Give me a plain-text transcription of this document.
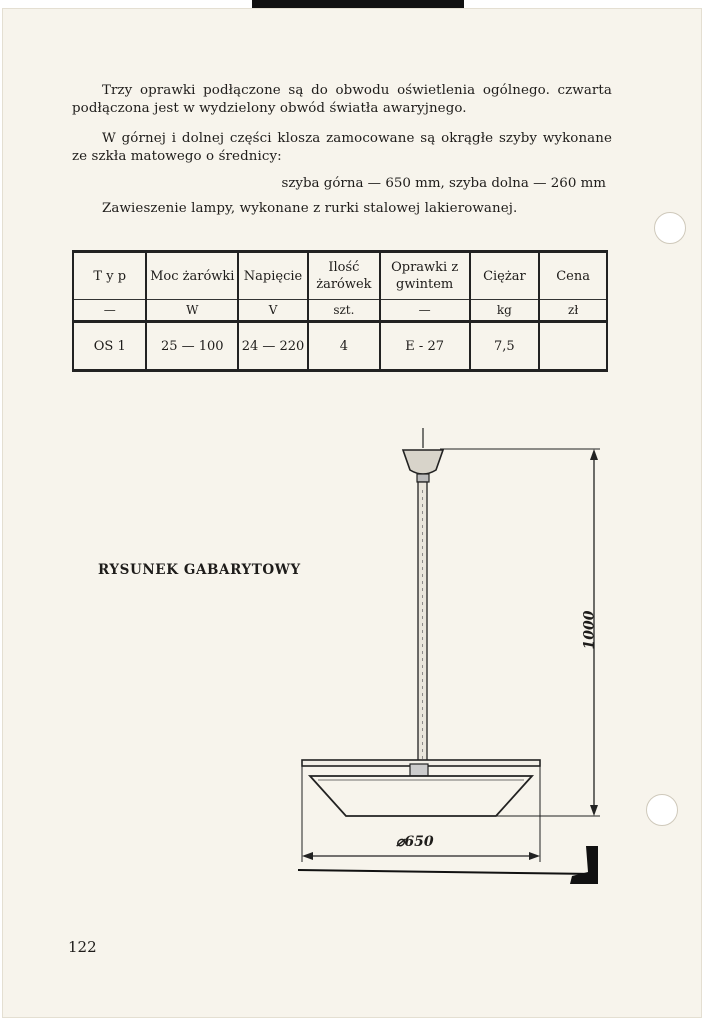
Trzy oprawki podłączone są do obwodu oświetlenia ogólnego. czwarta podłączona jest w wydzielony obwód światła awaryjnego.

W górnej i dolnej części klosza zamocowane są okrągłe szyby wykonane ze szkła matowego o średnicy:

szyba górna — 650 mm, szyba dolna — 260 mm

Zawieszenie lampy, wykonane z rurki stalowej lakierowanej.

T y p	Moc żarówki	Napięcie	Ilość żarówek	Oprawki z gwintem	Ciężar	Cena
—	W	V	szt.	—	kg	zł
OS 1	25 — 100	24 — 220	4	E - 27	7,5	
RYSUNEK GABARYTOWY
1000
⌀650
122
